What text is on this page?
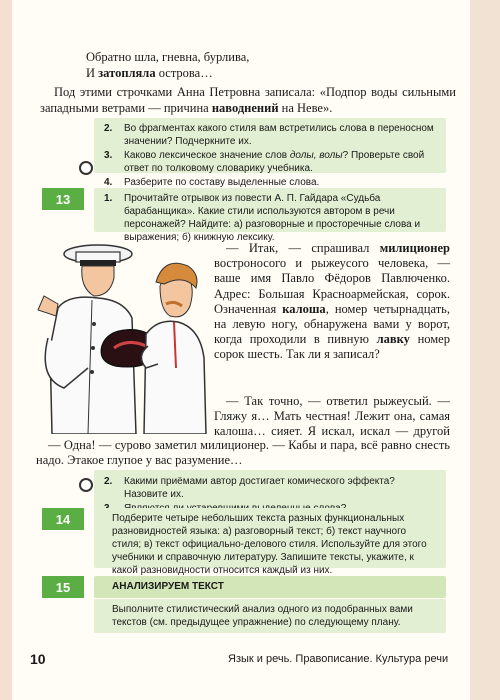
Обратно шла, гневна, бурлива,
И затопляла острова…
Под этими строчками Анна Петровна записала: «Подпор воды сильными западными ветрами — причина наводнений на Неве».
2. Во фрагментах какого стиля вам встретились слова в переносном значении? Подчеркните их.
3. Каково лексическое значение слов долы, волы? Проверьте свой ответ по толковому словарику учебника.
4. Разберите по составу выделенные слова.
13	1. Прочитайте отрывок из повести А. П. Гайдара «Судьба барабанщика». Какие стили используются автором в речи персонажей? Найдите: а) разговорные и просторечные слова и выражения; б) книжную лексику.
— Итак, — спрашивал милиционер востроносого и рыжеусого человека, — ваше имя Павло Фёдоров Павлюченко. Адрес: Большая Красноармейская, сорок. Означенная калоша, номер четырнадцать, на левую ногу, обнаружена вами у ворот, когда проходили в пивную лавку номер сорок шесть. Так ли я записал?
— Так точно, — ответил рыжеусый. — Гляжу я… Мать честная! Лежит она, самая калоша… сияет. Я искал, искал — другой
— Одна! — сурово заметил милиционер. — Кабы и пара, всё равно снесть надо. Этакое глупое у вас разумение…
2. Какими приёмами автор достигает комического эффекта? Назовите их.
14	Подберите четыре небольших текста разных функциональных разновидностей языка: а) разговорный текст; б) текст научного стиля; в) текст официально-делового стиля. Используйте для этого учебники и справочную литературу. Запишите тексты, укажите, к какой разновидности относится каждый из них.
15	АНАЛИЗИРУЕМ ТЕКСТ
Выполните стилистический анализ одного из подобранных вами текстов (см. предыдущее упражнение) по следующему плану.
10	Язык и речь. Правописание. Культура речи
